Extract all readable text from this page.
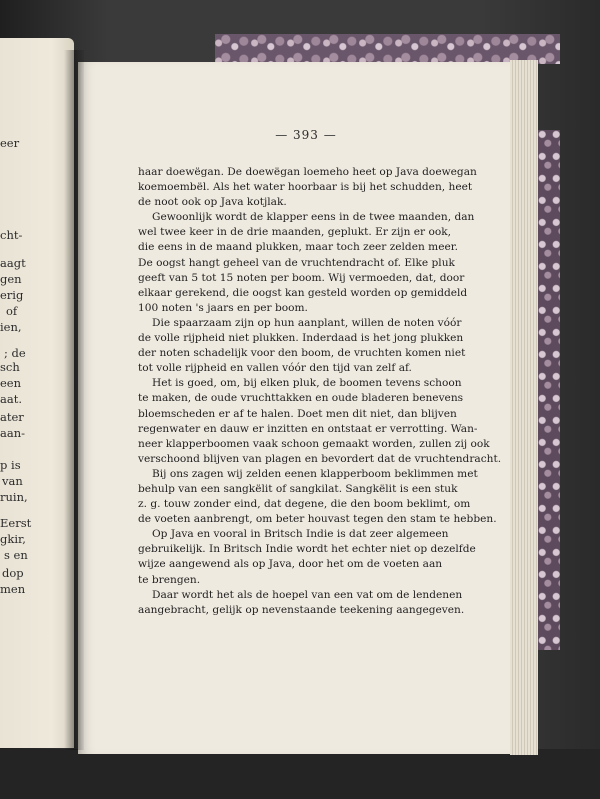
eer
cht-
aagt
gen
erig
of
ien,
; de
sch
een
aat.
ater
aan-
p is
van
ruin,
Eerst
gkir,
s en
dop
men
— 393 —
haar doewëgan. De doewëgan loemeho heet op Java doewegan
koemoembël. Als het water hoorbaar is bij het schudden, heet
de noot ook op Java kotjlak.
Gewoonlijk wordt de klapper eens in de twee maanden, dan
wel twee keer in de drie maanden, geplukt. Er zijn er ook,
die eens in de maand plukken, maar toch zeer zelden meer.
De oogst hangt geheel van de vruchtendracht of. Elke pluk
geeft van 5 tot 15 noten per boom. Wij vermoeden, dat, door
elkaar gerekend, die oogst kan gesteld worden op gemiddeld
100 noten 's jaars en per boom.
Die spaarzaam zijn op hun aanplant, willen de noten vóór
de volle rijpheid niet plukken. Inderdaad is het jong plukken
der noten schadelijk voor den boom, de vruchten komen niet
tot volle rijpheid en vallen vóór den tijd van zelf af.
Het is goed, om, bij elken pluk, de boomen tevens schoon
te maken, de oude vruchttakken en oude bladeren benevens
bloemscheden er af te halen. Doet men dit niet, dan blijven
regenwater en dauw er inzitten en ontstaat er verrotting. Wan-
neer klapperboomen vaak schoon gemaakt worden, zullen zij ook
verschoond blijven van plagen en bevordert dat de vruchtendracht.
Bij ons zagen wij zelden eenen klapperboom beklimmen met
behulp van een sangkëlit of sangkilat. Sangkëlit is een stuk
z. g. touw zonder eind, dat degene, die den boom beklimt, om
de voeten aanbrengt, om beter houvast tegen den stam te hebben.
Op Java en vooral in Britsch Indie is dat zeer algemeen
gebruikelijk. In Britsch Indie wordt het echter niet op dezelfde
wijze aangewend als op Java, door het om de voeten aan
te brengen.
Daar wordt het als de hoepel van een vat om de lendenen
aangebracht, gelijk op nevenstaande teekening aangegeven.
